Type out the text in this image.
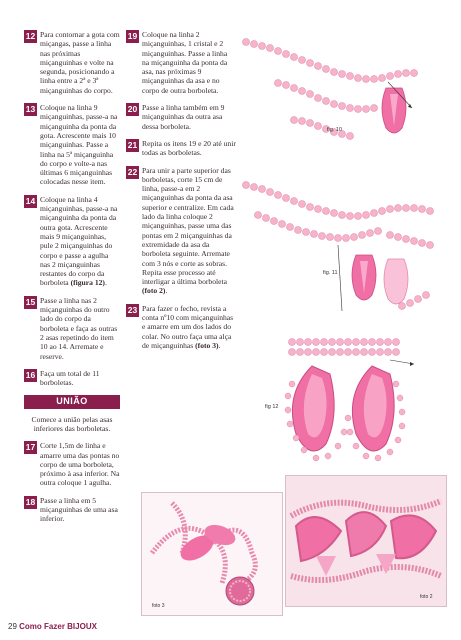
12 Para contornar a gota com miçangas, passe a linha nas próximas miçanguinhas e volte na segunda, posicionando a linha entre a 2ª e 3ª miçanguinhas do corpo.
13 Coloque na linha 9 miçanguinhas, passe-a na miçanguinha da ponta da gota. Acrescente mais 10 miçanguinhas. Passe a linha na 5ª miçanguinha do corpo e volte-a nas últimas 6 miçanguinhas colocadas nesse item.
14 Coloque na linha 4 miçanguinhas, passe-a na miçanguinha da ponta da outra gota. Acrescente mais 9 miçanguinhas, pule 2 miçanguinhas do corpo e passe a agulha nas 2 miçanguinhas restantes do corpo da borboleta (figura 12).
15 Passe a linha nas 2 miçanguinhas do outro lado do corpo da borboleta e faça as outras 2 asas repetindo do item 10 ao 14. Arremate e reserve.
16 Faça um total de 11 borboletas.
UNIÃO

Comece a união pelas asas inferiores das borboletas.

17 Corte 1,5m de linha e amarre uma das pontas no corpo de uma borboleta, próximo à asa inferior. Na outra coloque 1 agulha.
18 Passe a linha em 5 miçanguinhas de uma asa inferior.
19 Coloque na linha 2 miçanguinhas, 1 cristal e 2 miçanguinhas. Passe a linha na miçanguinha da ponta da asa, nas próximas 9 miçanguinhas da asa e no corpo de outra borboleta.
20 Passe a linha também em 9 miçanguinhas da outra asa dessa borboleta.
21 Repita os itens 19 e 20 até unir todas as borboletas.
22 Para unir a parte superior das borboletas, corte 15 cm de linha, passe-a em 2 miçanguinhas da ponta da asa superior e centralize. Em cada lado da linha coloque 2 miçanguinhas, passe uma das pontas em 2 miçanguinhas da extremidade da asa da borboleta seguinte. Arremate com 3 nós e corte as sobras. Repita esse processo até interligar a última borboleta (foto 2).
23 Para fazer o fecho, revista a conta nº10 com miçanguinhas e amarre em um dos lados do colar. No outro faça uma alça de miçanguinhas (foto 3).
fig. 10
fig. 11
fig 12
foto 3
foto 2
29 Como Fazer BIJOUX
